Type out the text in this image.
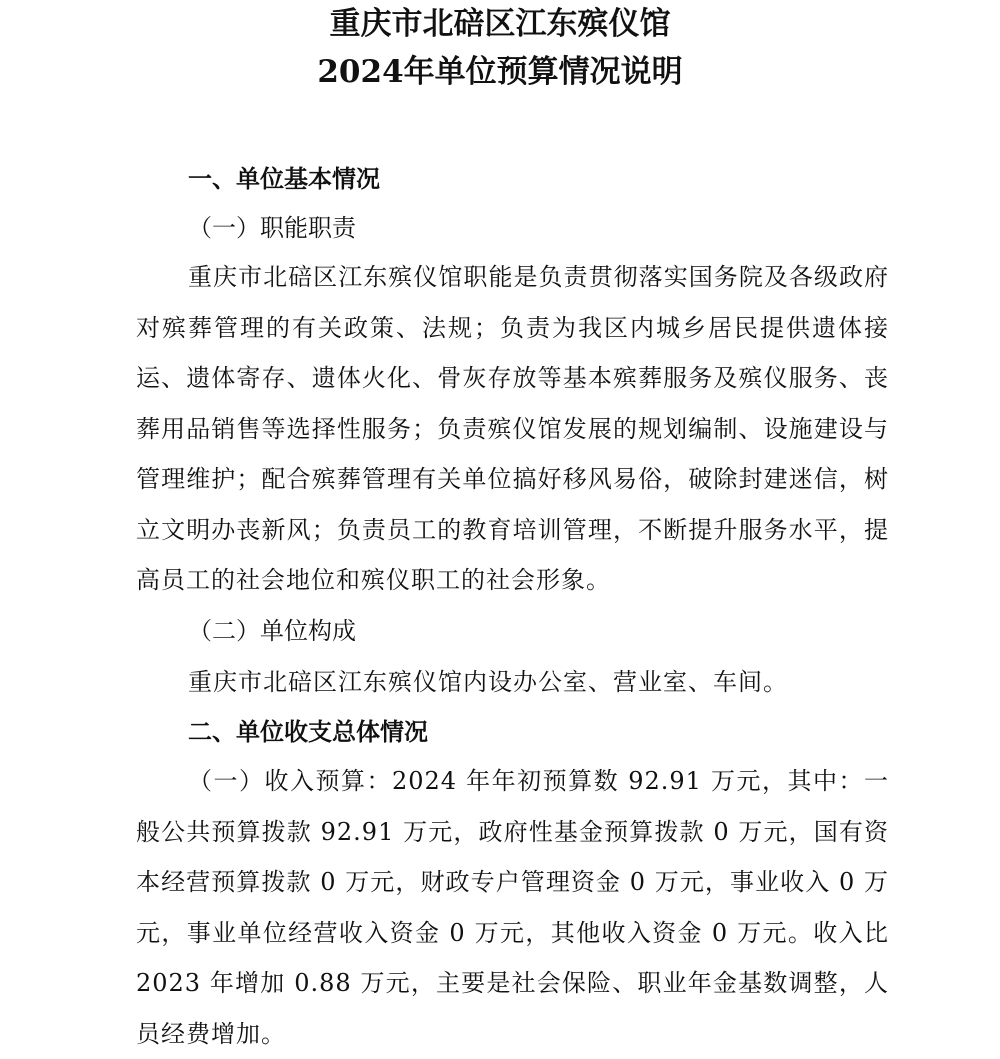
重庆市北碚区江东殡仪馆
2024年单位预算情况说明
一、单位基本情况
（一）职能职责
重庆市北碚区江东殡仪馆职能是负责贯彻落实国务院及各级政府对殡葬管理的有关政策、法规；负责为我区内城乡居民提供遗体接运、遗体寄存、遗体火化、骨灰存放等基本殡葬服务及殡仪服务、丧葬用品销售等选择性服务；负责殡仪馆发展的规划编制、设施建设与管理维护；配合殡葬管理有关单位搞好移风易俗，破除封建迷信，树立文明办丧新风；负责员工的教育培训管理，不断提升服务水平，提高员工的社会地位和殡仪职工的社会形象。
（二）单位构成
重庆市北碚区江东殡仪馆内设办公室、营业室、车间。
二、单位收支总体情况
（一）收入预算：2024 年年初预算数 92.91 万元，其中：一般公共预算拨款 92.91 万元，政府性基金预算拨款 0 万元，国有资本经营预算拨款 0 万元，财政专户管理资金 0 万元，事业收入 0 万元，事业单位经营收入资金 0 万元，其他收入资金 0 万元。收入比2023 年增加 0.88 万元，主要是社会保险、职业年金基数调整，人员经费增加。
